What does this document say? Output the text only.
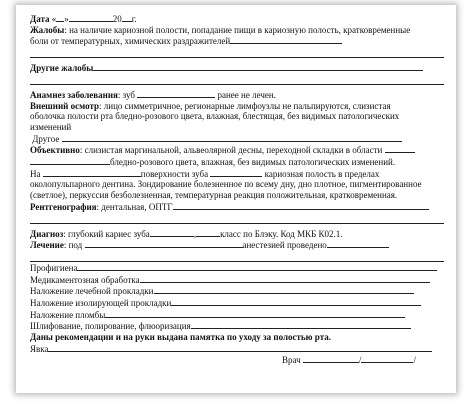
Дата « »	20 г.
Жалобы: на наличие кариозной полости, попадание пищи в кариозную полость, кратковременные
боли от температурных, химических раздражителей
Другие жалобы
Анамнез заболевания: зуб	ранее не лечен.
Внешний осмотр: лицо симметричное, регионарные лимфоузлы не пальпируются, слизистая
оболочка полости рта бледно-розового цвета, влажная, блестящая, без видимых патологических
изменений
Другое
Объективно: слизистая маргинальной, альвеолярной десны, переходной складки в области
бледно-розового цвета, влажная, без видимых патологических изменений.
На	поверхности зуба	кариозная полость в пределах
околопульпарного дентина. Зондирование болезненное по всему дну, дно плотное, пигментированное
(светлое), перкуссия безболезненная, температурная реакция положительная, кратковременная.
Рентгенография: дентальная, ОПТГ
Диагноз: глубокий кариес зуба	,	класс по Блэку. Код МКБ К02.1.
Лечение: под	анестезией проведено
Профигиена
Медикаментозная обработка
Наложение лечебной прокладки
Наложение изолирующей прокладки
Наложение пломбы
Шлифование, полирование, флюоризация
Даны рекомендации и на руки выдана памятка по уходу за полостью рта.
Явка
Врач	/	/
